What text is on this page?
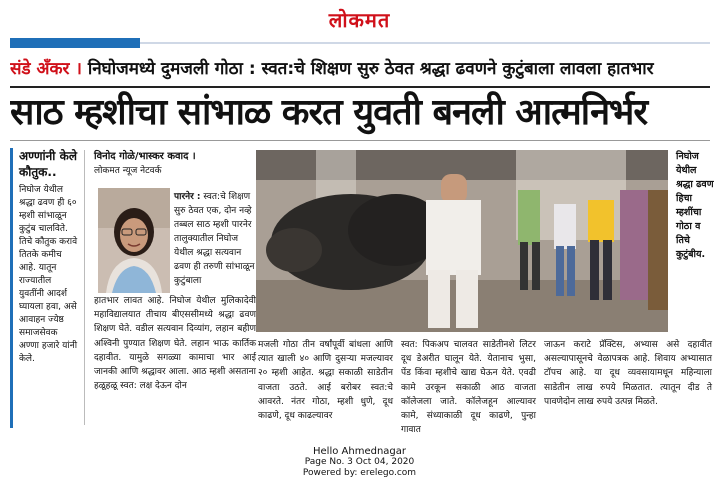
लोकमत
संडे अँकर । निघोजमध्ये दुमजली गोठा : स्वत:चे शिक्षण सुरु ठेवत श्रद्धा ढवणने कुटुंबाला लावला हातभार
साठ म्हशीचा सांभाळ करत युवती बनली आत्मनिर्भर
अण्णांनी केले कौतुक..
निघोज येथील श्रद्धा ढवण ही ६० म्हशी सांभाळून कुटुंब चालविते. तिचे कौतुक करावे तितके कमीच आहे. यातून राज्यातील युवतींनी आदर्श घ्यायला हवा, असे आवाहन ज्येष्ठ समाजसेवक अण्णा हजारे यांनी केले.
विनोद गोळे/भास्कर कवाद ।
लोकमत न्यूज नेटवर्क
पारनेर : स्वत:चे शिक्षण सुरु ठेवत एक, दोन नव्हे तब्बल साठ म्हशी पारनेर तालुक्यातील निघोज येथील श्रद्धा सत्यवान ढवण ही तरुणी सांभाळून कुटुंबाला
हातभार लावत आहे. निघोज येथील मुलिकादेवी महाविद्यालयात तीचाय बीएससीमध्ये श्रद्धा ढवण शिक्षण घेते. वडील सत्यवान दिव्यांग, लहान बहीण अश्विनी पुण्यात शिक्षण घेते. लहान भाऊ कार्तिक दहावीत. यामुळे सगळ्या कामाचा भार आई जानकी आणि श्रद्धावर आला. आठ म्हशी असताना हळूहळू स्वत: लक्ष देऊन दोन
निघोज येथील श्रद्धा ढवण हिचा म्हशींचा गोठा व तिचे कुटुंबीय.
मजली गोठा तीन वर्षांपूर्वी बांधला आणि त्यात खाली ४० आणि दुसऱ्या मजल्यावर २० म्हशी आहेत. श्रद्धा सकाळी साडेतीन वाजता उठते. आई बरोबर स्वत:चे आवरते. नंतर गोठा, म्हशी धुणे, दूध काढणे, दूध काढल्यावर
स्वत: पिकअप चालवत साडेतीनशे लिटर दूध डेअरीत घालून येते. येतानाच भुसा, पेंड किंवा म्हशीचे खाद्य घेऊन येते. एवढी कामे उरकून सकाळी आठ वाजता कॉलेजला जाते. कॉलेजहून आल्यावर कामे, संध्याकाळी दूध काढणे, पुन्हा गावात
जाऊन कराटे प्रॅक्टिस, अभ्यास असे दहावीत असल्यापासूनचे वेळापत्रक आहे. शिवाय अभ्यासात टॉपच आहे. या दूध व्यवसायामधून महिन्याला साडेतीन लाख रुपये मिळतात. त्यातून दीड ते पावणेदोन लाख रुपये उत्पन्न मिळते.
Hello Ahmednagar
Page No. 3 Oct 04, 2020
Powered by: erelego.com
